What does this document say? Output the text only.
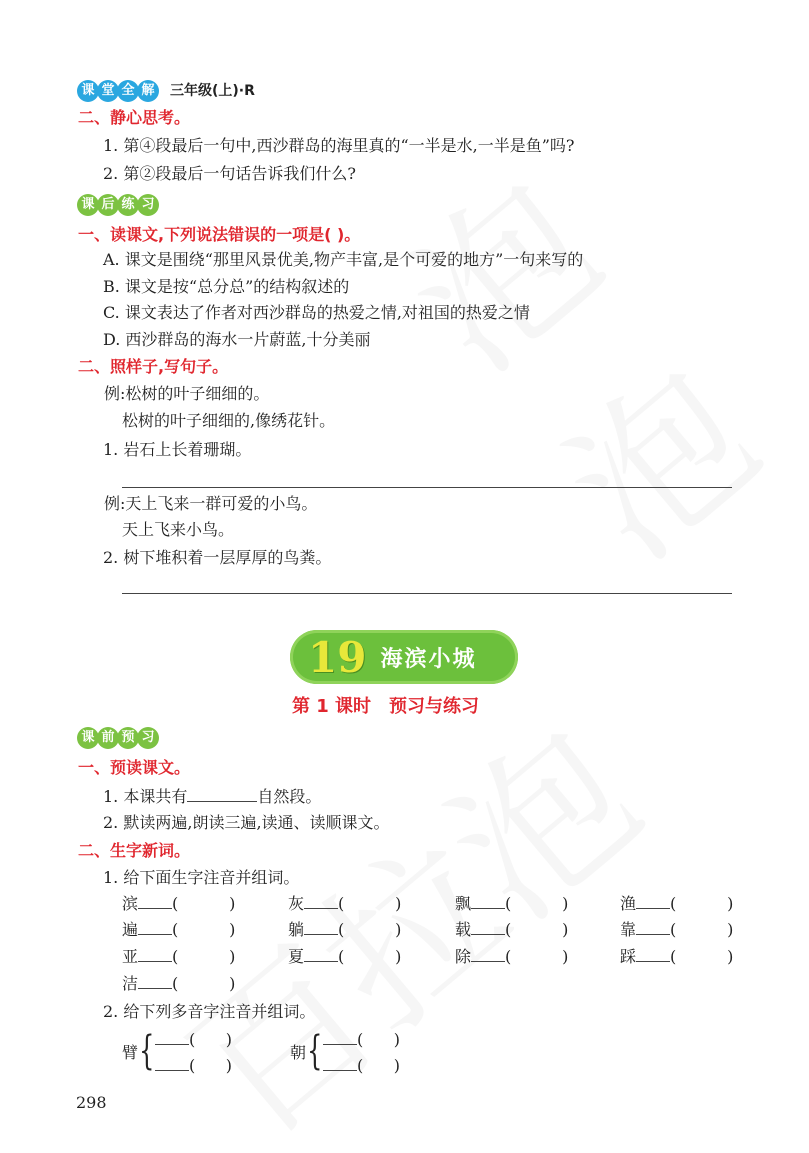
课 堂 全 解	三年级(上)·R
二、静心思考。
1. 第④段最后一句中,西沙群岛的海里真的“一半是水,一半是鱼”吗?
2. 第②段最后一句话告诉我们什么?
课 后 练 习
一、读课文,下列说法错误的一项是( )。
A. 课文是围绕“那里风景优美,物产丰富,是个可爱的地方”一句来写的
B. 课文是按“总分总”的结构叙述的
C. 课文表达了作者对西沙群岛的热爱之情,对祖国的热爱之情
D. 西沙群岛的海水一片蔚蓝,十分美丽
二、照样子,写句子。
例:松树的叶子细细的。
松树的叶子细细的,像绣花针。
1. 岩石上长着珊瑚。
例:天上飞来一群可爱的小鸟。
天上飞来小鸟。
2. 树下堆积着一层厚厚的鸟粪。
19 海滨小城
第 1 课时　预习与练习
课 前 预 习
一、预读课文。
1. 本课共有	自然段。
2. 默读两遍,朗读三遍,读通、读顺课文。
二、生字新词。
1. 给下面生字注音并组词。
滨 (          )	灰 (          )	飘 (          )	渔 (          )
遍 (          )	躺 (          )	载 (          )	靠 (          )
亚 (          )	夏 (          )	除 (          )	踩 (          )
洁 (          )
2. 给下列多音字注音并组词。
臂 {	(      )
(      )
朝 {	(      )
(      )
298
